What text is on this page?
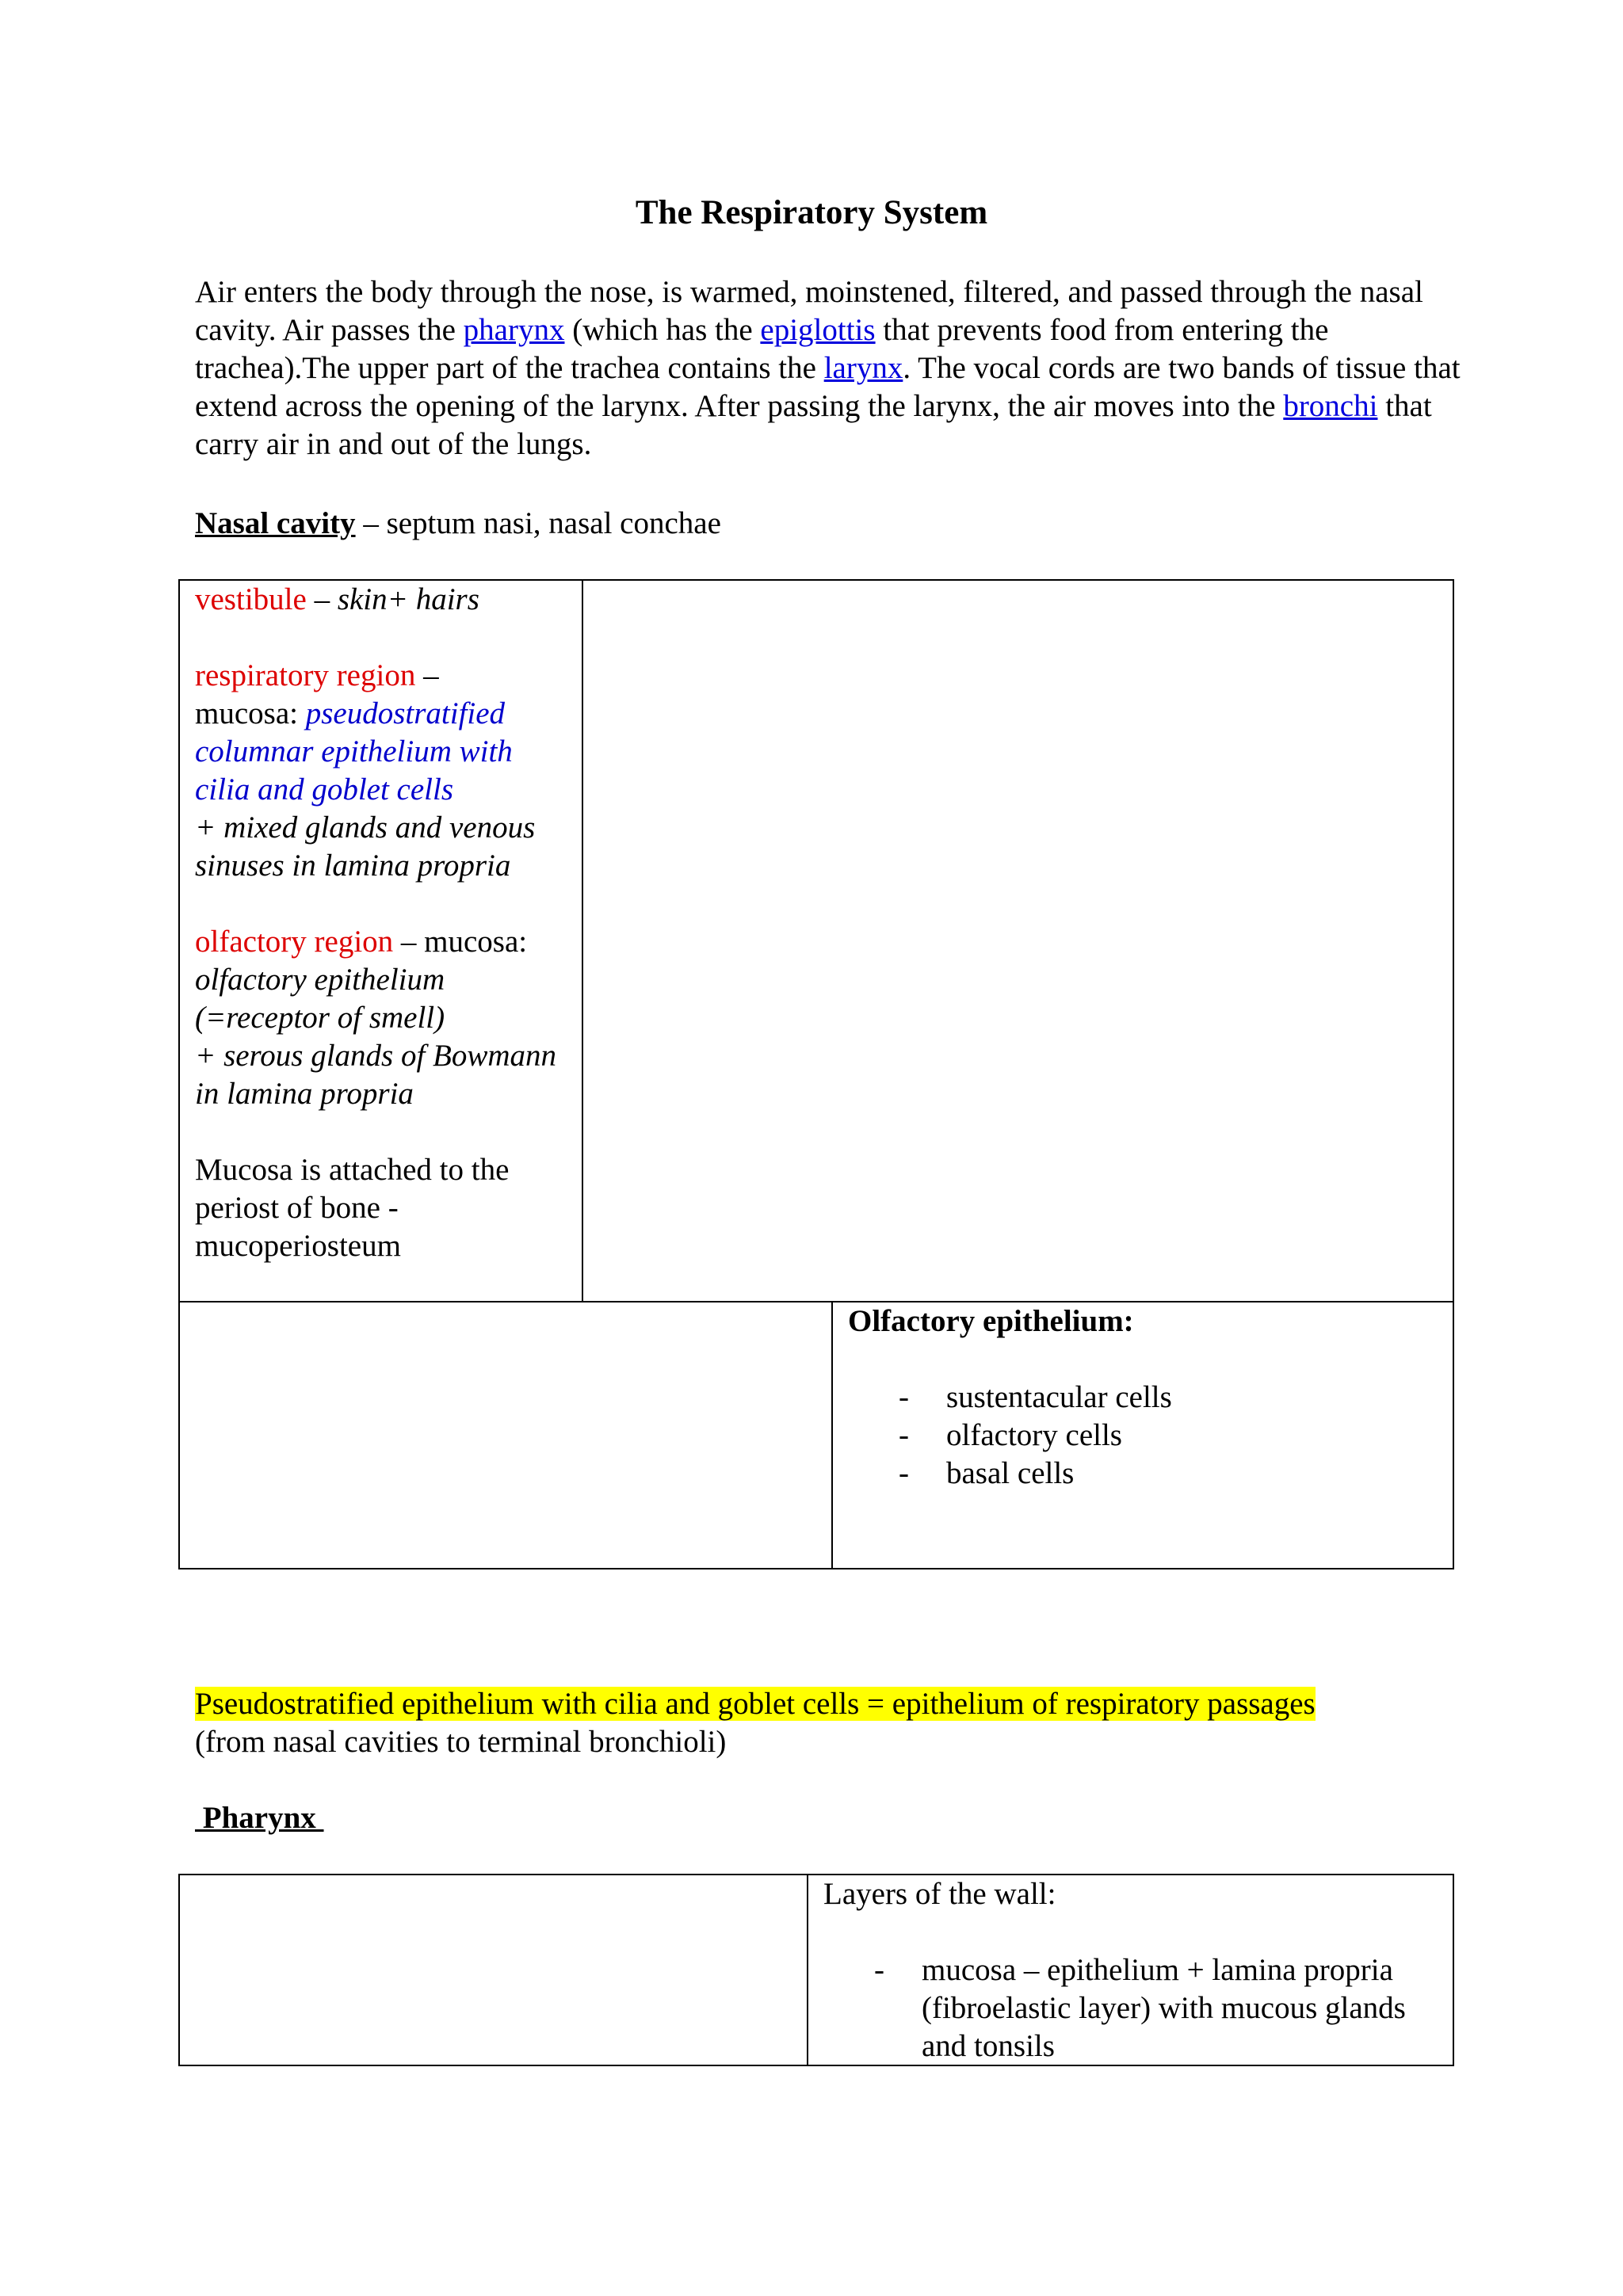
The Respiratory System

Air enters the body through the nose, is warmed, moinstened, filtered, and passed through the nasal cavity. Air passes the pharynx (which has the epiglottis that prevents food from entering the trachea).The upper part of the trachea contains the larynx. The vocal cords are two bands of tissue that extend across the opening of the larynx. After passing the larynx, the air moves into the bronchi that carry air in and out of the lungs.

Nasal cavity – septum nasi, nasal conchae

vestibule – skin+ hairs

respiratory region –

mucosa: pseudostratified columnar epithelium with cilia and goblet cells

+ mixed glands and venous sinuses in lamina propria

olfactory region – mucosa:

olfactory epithelium (=receptor of smell)

+ serous glands of Bowmann in lamina propria

Mucosa is attached to the periost of bone - mucoperiosteum

Olfactory epithelium:

- sustentacular cells
- olfactory cells
- basal cells

Pseudostratified epithelium with cilia and goblet cells = epithelium of respiratory passages

(from nasal cavities to terminal bronchioli)

Pharynx

Layers of the wall:

- mucosa – epithelium + lamina propria (fibroelastic layer) with mucous glands and tonsils
